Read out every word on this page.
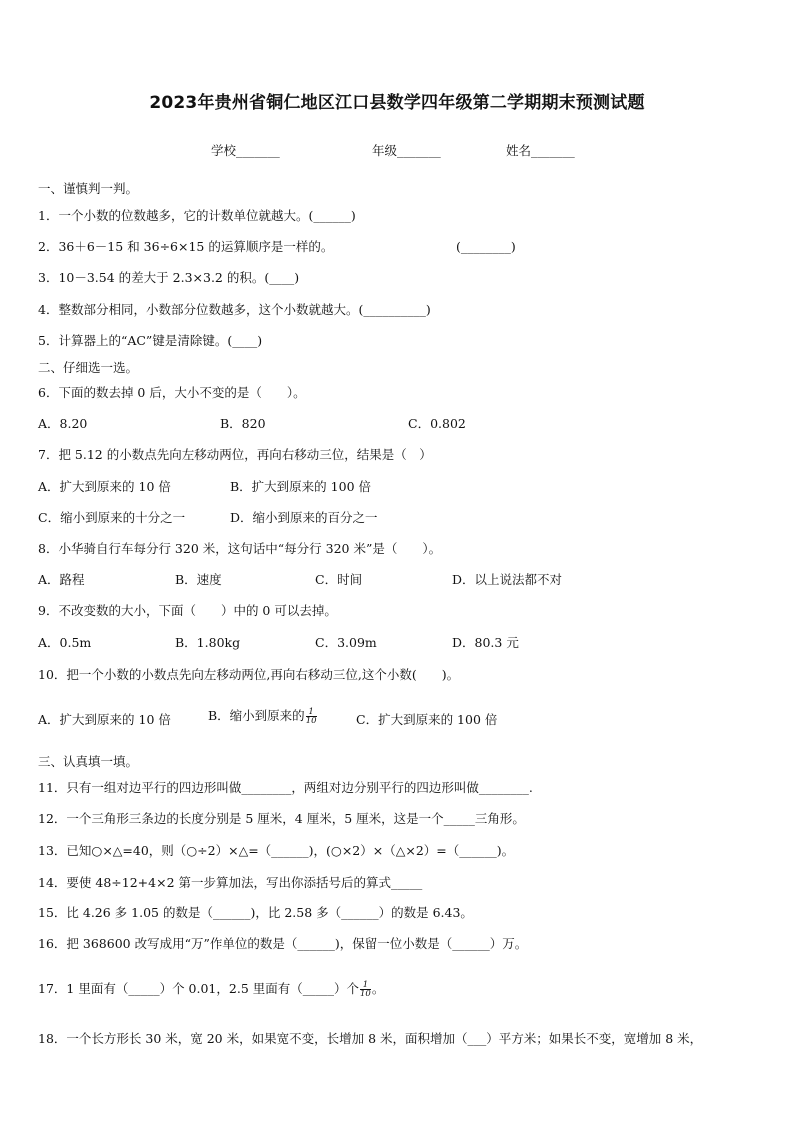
2023年贵州省铜仁地区江口县数学四年级第二学期期末预测试题
学校_______	年级_______	姓名_______
一、谨慎判一判。
1．一个小数的位数越多，它的计数单位就越大。(______)
2．36＋6－15 和 36÷6×15 的运算顺序是一样的。	(________)
3．10－3.54 的差大于 2.3×3.2 的积。(____)
4．整数部分相同，小数部分位数越多，这个小数就越大。(__________)
5．计算器上的“AC”键是清除键。(____)
二、仔细选一选。
6．下面的数去掉 0 后，大小不变的是（　　）。
A．8.20	B．820	C．0.802
7．把 5.12 的小数点先向左移动两位，再向右移动三位，结果是（　）
A．扩大到原来的 10 倍	B．扩大到原来的 100 倍
C．缩小到原来的十分之一	D．缩小到原来的百分之一
8．小华骑自行车每分行 320 米，这句话中“每分行 320 米”是（　　）。
A．路程	B．速度	C．时间	D．以上说法都不对
9．不改变数的大小，下面（　　）中的 0 可以去掉。
A．0.5m	B．1.80kg	C．3.09m	D．80.3 元
10．把一个小数的小数点先向左移动两位,再向右移动三位,这个小数(　　)。
A．扩大到原来的 10 倍	B．缩小到原来的 $\frac{1}{10}$	C．扩大到原来的 100 倍
三、认真填一填。
11．只有一组对边平行的四边形叫做________，两组对边分别平行的四边形叫做________.
12．一个三角形三条边的长度分别是 5 厘米，4 厘米，5 厘米，这是一个_____三角形。
13．已知○×△=40，则（○÷2）×△=（______)，(○×2）×（△×2）=（______)。
14．要使 48÷12+4×2 第一步算加法，写出你添括号后的算式_____
15．比 4.26 多 1.05 的数是（______)，比 2.58 多（______）的数是 6.43。
16．把 368600 改写成用“万”作单位的数是（______)，保留一位小数是（______）万。
17．1 里面有（_____）个 0.01，2.5 里面有（_____）个 $\frac{1}{10}$ 。
18．一个长方形长 30 米，宽 20 米，如果宽不变，长增加 8 米，面积增加（___）平方米；如果长不变，宽增加 8 米，
